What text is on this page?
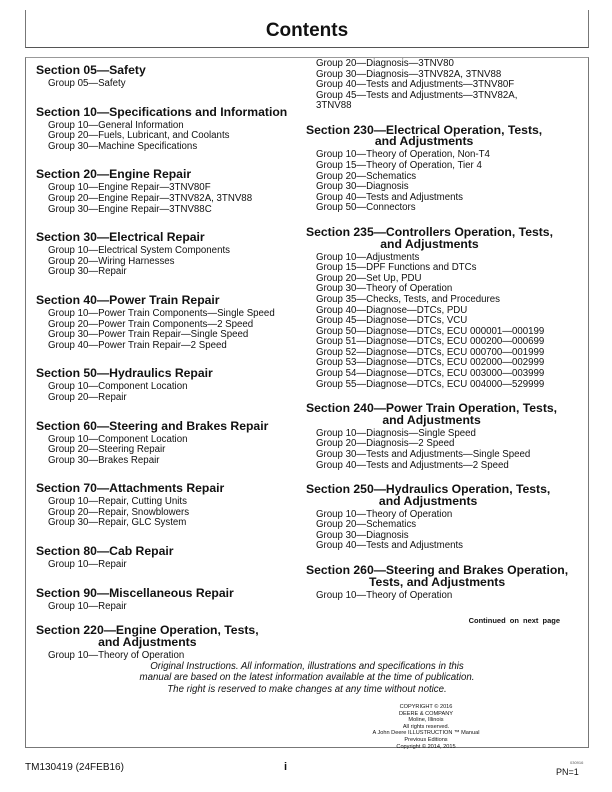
Contents
Section 05—Safety
Group 05—Safety
Section 10—Specifications and Information
Group 10—General Information
Group 20—Fuels, Lubricant, and Coolants
Group 30—Machine Specifications
Section 20—Engine Repair
Group 10—Engine Repair—3TNV80F
Group 20—Engine Repair—3TNV82A, 3TNV88
Group 30—Engine Repair—3TNV88C
Section 30—Electrical Repair
Group 10—Electrical System Components
Group 20—Wiring Harnesses
Group 30—Repair
Section 40—Power Train Repair
Group 10—Power Train Components—Single Speed
Group 20—Power Train Components—2 Speed
Group 30—Power Train Repair—Single Speed
Group 40—Power Train Repair—2 Speed
Section 50—Hydraulics Repair
Group 10—Component Location
Group 20—Repair
Section 60—Steering and Brakes Repair
Group 10—Component Location
Group 20—Steering Repair
Group 30—Brakes Repair
Section 70—Attachments Repair
Group 10—Repair, Cutting Units
Group 20—Repair, Snowblowers
Group 30—Repair, GLC System
Section 80—Cab Repair
Group 10—Repair
Section 90—Miscellaneous Repair
Group 10—Repair
Section 220—Engine Operation, Tests,
and Adjustments
Group 10—Theory of Operation
Group 20—Diagnosis—3TNV80
Group 30—Diagnosis—3TNV82A, 3TNV88
Group 40—Tests and Adjustments—3TNV80F
Group 45—Tests and Adjustments—3TNV82A,
3TNV88
Section 230—Electrical Operation, Tests,
and Adjustments
Group 10—Theory of Operation, Non-T4
Group 15—Theory of Operation, Tier 4
Group 20—Schematics
Group 30—Diagnosis
Group 40—Tests and Adjustments
Group 50—Connectors
Section 235—Controllers Operation, Tests,
and Adjustments
Group 10—Adjustments
Group 15—DPF Functions and DTCs
Group 20—Set Up, PDU
Group 30—Theory of Operation
Group 35—Checks, Tests, and Procedures
Group 40—Diagnose—DTCs, PDU
Group 45—Diagnose—DTCs, VCU
Group 50—Diagnose—DTCs, ECU 000001—000199
Group 51—Diagnose—DTCs, ECU 000200—000699
Group 52—Diagnose—DTCs, ECU 000700—001999
Group 53—Diagnose—DTCs, ECU 002000—002999
Group 54—Diagnose—DTCs, ECU 003000—003999
Group 55—Diagnose—DTCs, ECU 004000—529999
Section 240—Power Train Operation, Tests,
and Adjustments
Group 10—Diagnosis—Single Speed
Group 20—Diagnosis—2 Speed
Group 30—Tests and Adjustments—Single Speed
Group 40—Tests and Adjustments—2 Speed
Section 250—Hydraulics Operation, Tests,
and Adjustments
Group 10—Theory of Operation
Group 20—Schematics
Group 30—Diagnosis
Group 40—Tests and Adjustments
Section 260—Steering and Brakes Operation,
Tests, and Adjustments
Group 10—Theory of Operation
Continued on next page
Original Instructions. All information, illustrations and specifications in this
manual are based on the latest information available at the time of publication.
The right is reserved to make changes at any time without notice.
COPYRIGHT © 2016
DEERE & COMPANY
Moline, Illinois
All rights reserved.
A John Deere ILLUSTRUCTION ™ Manual
Previous Editions
Copyright © 2014, 2015
TM130419 (24FEB16)	i	030916
PN=1
